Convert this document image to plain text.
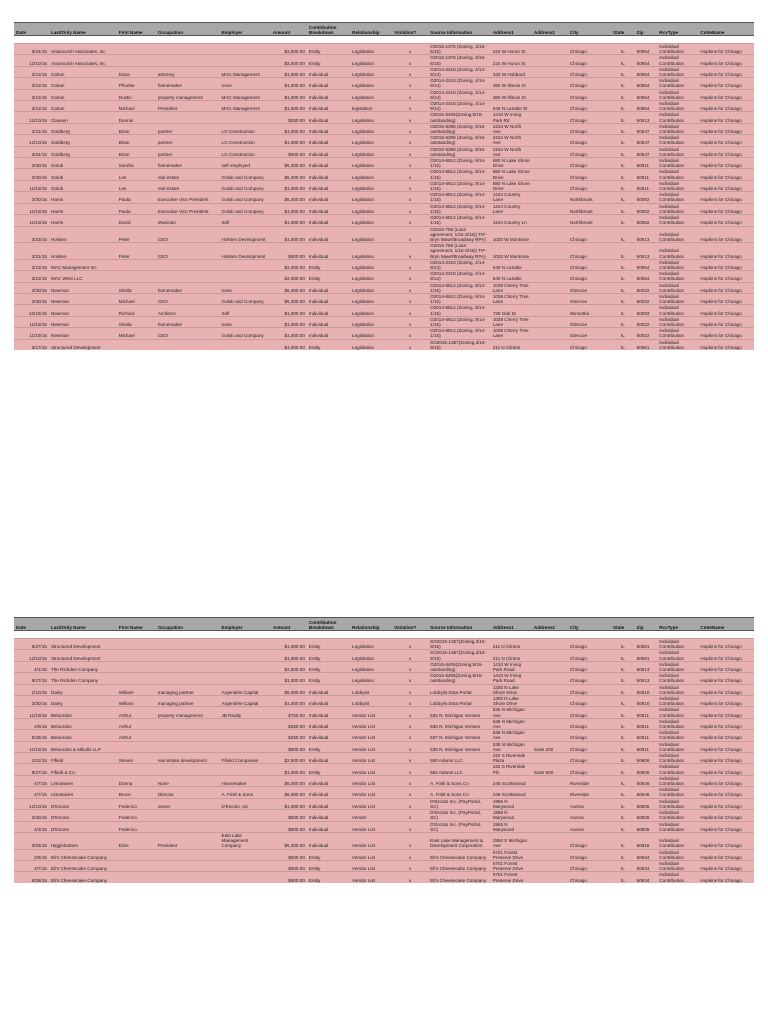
Date	Last/Only Name	First Name	Occupation	Employer	Amount	Contribution Breakdown	Relationship	Violation?	Source Information	Address1	Address2	City	State	Zip	RcvType	CmteName

8/24/15	Antunovich Associates, Inc				$2,500.00	Entity	Legislation	x	O2015-1376 (Zoning, 3/15-5/15)	224 W Huron St		Chicago	IL	60654	Individual Contribution	Hopkins for Chicago
12/10/15	Antunovich Associates, Inc				$2,500.00	Entity	Legislation	x	O2015-1376 (Zoning, 3/15-5/15)	224 W Huron St		Chicago	IL	60654	Individual Contribution	Hopkins for Chicago
3/12/15	Cahan	Dana	attorney	MAC Management	$1,500.00	Individual	Legislation	x	O2014-2318 (Zoning, 4/14-9/14)	333 W Hubbard		Chicago	IL	60654	Individual Contribution	Hopkins for Chicago
3/12/15	Cahan	Phoebe	homemaker	none	$1,500.00	Individual	Legislation	x	O2014-2318 (Zoning, 4/14-9/14)	360 W Illinois St		Chicago	IL	60654	Individual Contribution	Hopkins for Chicago
3/12/15	Cahan	Dustin	property management	MAC Management	$1,500.00	Individual	Legislation	x	O2014-2318 (Zoning, 4/14-9/14)	360 W Illinois St		Chicago	IL	60654	Individual Contribution	Hopkins for Chicago
3/12/15	Cahan	Michael	President	MAC Management	$1,500.00	Individual	legislation	x	O2014-2318 (Zoning, 4/14-9/14)	640 N LaSalle St		Chicago	IL	60654	Individual Contribution	Hopkins for Chicago
12/10/15	Clausen	Dennis			$250.00	Individual	Legislation	x	O2015-6405(Zoning,9/15-outstanding)	1410 W Irving Park Rd		Chicago	IL	60613	Individual Contribution	Hopkins for Chicago
2/21/15	Goldberg	Brian	partner	LG Construction	$1,000.00	Individual	Legislation	x	O2015-6398 (Zoning, 9/15-outstanding)	2234 W North Ave		Chicago	IL	60647	Individual Contribution	Hopkins for Chicago
12/10/15	Goldberg	Brian	partner	LG Construction	$1,000.00	Individual	Legislation	x	O2015-6398 (Zoning, 9/15-outstanding)	2234 W North Ave		Chicago	IL	60647	Individual Contribution	Hopkins for Chicago
3/24/15	Goldberg	Brian	partner	LG Construction	$500.00	Individual	Legislation	x	O2015-6398 (Zoning, 9/15-outstanding)	2234 W North Ave		Chicago	IL	60647	Individual Contribution	Hopkins for Chicago
3/30/15	Golub	Sandra	homemaker	self employed	$5,400.00	Individual	Legislation	x	O2014-6812 (Zoning, 9/14-1/15)	680 N Lake Shore Drive		Chicago	IL	60611	Individual Contribution	Hopkins for Chicago
3/30/15	Golub	Lee	real estate	Golub and Company	$5,400.00	Individual	Legislation	x	O2014-6812 (Zoning, 9/14-1/15)	680 N Lake Shore Drive		Chicago	IL	60611	Individual Contribution	Hopkins for Chicago
11/19/15	Golub	Lee	real estate	Golub and Company	$1,000.00	Individual	Legislation	x	O2014-6812 (Zoning, 9/14-1/15)	680 N Lake Shore Drive		Chicago	IL	60611	Individual Contribution	Hopkins for Chicago
3/30/15	Harris	Paula	Executive Vice President	Golub and Company	$5,400.00	Individual	Legislation	x	O2014-6812 (Zoning, 9/14-1/15)	1244 Country Lane		Northbrook	IL	60062	Individual Contribution	Hopkins for Chicago
11/18/15	Harris	Paula	Executive Vice President	Golub and Company	$1,000.00	Individual	Legislation	x	O2014-6812 (Zoning, 9/14-1/15)	1244 Country Lane		Northbrook	IL	60062	Individual Contribution	Hopkins for Chicago
11/19/15	Harris	David	Musician	Self	$1,000.00	Individual	Legislation	x	O2014-6812 (Zoning, 9/14-1/15)	1244 Country Ln		Northbrook	IL	60062	Individual Contribution	Hopkins for Chicago
3/23/15	Holsten	Peter	CEO	Holsten Development	$1,500.00	Individual	Legislation	x	O2015-758 (Loan agreement, 1/15-3/15)( TIF- Bryn Mawr/Broadway RPA)	1020 W Montrose		Chicago	IL	60613	Individual Contribution	Hopkins for Chicago
3/31/15	Holsten	Peter	CEO	Holsten Development	$500.00	Individual	Legislation	x	O2015-758 (Loan agreement, 1/15-3/15)( TIF- Bryn Mawr/Broadway RPA)	1020 W Montrose		Chicago	IL	60613	Individual Contribution	Hopkins for Chicago
3/12/15	MAC Management Inc				$2,000.00	Entity	Legislation	x	O2014-2318 (Zoning, 4/14-9/14)	640 N LaSalle		Chicago	IL	60654	Individual Contribution	Hopkins for Chicago
3/12/15	MAC West LLC				$2,000.00	Entity	Legislation	x	O2014-2318 (Zoning, 4/14-9/14)	640 N LaSalle		Chicago	IL	60654	Individual Contribution	Hopkins for Chicago
3/30/15	Newman	Sheila	homemaker	none	$5,400.00	Individual	Legislation	x	O2014-6812 (Zoning, 9/14-1/15)	1038 Cherry Tree Lane		Glencoe	IL	60022	Individual Contribution	Hopkins for Chicago
3/30/15	Newman	Michael	CEO	Golub and Company	$5,400.00	Individual	Legislation	x	O2014-6812 (Zoning, 9/14-1/15)	1038 Cherry Tree Lane		Glencoe	IL	60022	Individual Contribution	Hopkins for Chicago
10/15/15	Newman	Richard	Architect	Self	$1,000.00	Individual	Legislation	x	O2014-6812 (Zoning, 9/14-1/15)	726 Oak St		Winnetka	IL	60093	Individual Contribution	Hopkins for Chicago
11/19/15	Newman	Sheila	homemaker	none	$1,000.00	Individual	Legislation	x	O2014-6812 (Zoning, 9/14-1/15)	1038 Cherry Tree Lane		Glencoe	IL	60022	Individual Contribution	Hopkins for Chicago
11/19/15	Newman	Michael	CEO	Golub and Company	$1,000.00	Individual	Legislation	x	O2014-6812 (Zoning, 9/14-1/15)	1038 Cherry Tree Lane		Glencoe	IL	60022	Individual Contribution	Hopkins for Chicago
3/17/15	Structured Development				$1,000.00	Entity	Legislation	x	SO2015-1357(Zoning,3/15-9/15)	211 N Clinton		Chicago	IL	60661	Individual Contribution	Hopkins for Chicago
Date	Last/Only Name	First Name	Occupation	Employer	Amount	Contribution Breakdown	Relationship	Violation?	Source Information	Address1	Address2	City	State	Zip	RcvType	CmteName

8/27/15	Structured Development				$1,000.00	Entity	Legislation	x	SO2015-1357(Zoning,3/15-9/15)	211 N Clinton		Chicago	IL	60661	Individual Contribution	Hopkins for Chicago
12/10/15	Structured Development				$1,000.00	Entity	Legislation	x	SO2015-1357(Zoning,3/15-9/15)	211 N Clinton		Chicago	IL	60661	Individual Contribution	Hopkins for Chicago
4/1/15	The Richden Company				$2,500.00	Entity	Legislation	x	O2015-6405(Zoning,9/15-outstanding)	1410 W Irving Park Road		Chicago	IL	60613	Individual Contribution	Hopkins for Chicago
8/27/15	The Richden Company				$1,000.00	Entity	Legislation	x	O2015-6405(Zoning,9/15-outstanding)	1410 W Irving Park Road		Chicago	IL	60613	Individual Contribution	Hopkins for Chicago
2/10/15	Daley	William	managing partner	Argentière Capital	$5,000.00	Individual	Lobbyist	x	Lobbyist Data Portal	1300 N Lake Shore Drive		Chicago	IL	60610	Individual Contribution	Hopkins for Chicago
3/30/15	Daley	William	managing partner	Argentière Capital	$1,000.00	Individual	Lobbyist	x	Lobbyist Data Portal	1300 N Lake Shore Drive		Chicago	IL	60610	Individual Contribution	Hopkins for Chicago
11/19/15	Belourdos	Arthur	property management	JB Realty	$750.00	Individual	Vendor List	x	535 N. Michigan Venture	535 N Michigan Ave		Chicago	IL	60611	Individual Contribution	Hopkins for Chicago
4/6/15	Belourdos	Arthur			$250.00	Individual	Vendor List	x	536 N. Michigan Venture	535 N Michigan Ave		Chicago	IL	60611	Individual Contribution	Hopkins for Chicago
8/25/15	Belourdos	Arthur			$250.00	Individual	Vendor List	x	537 N. Michigan Venture	535 N Michigan Ave		Chicago	IL	60611	Individual Contribution	Hopkins for Chicago
11/19/15	Belourdos & Mikulis LLP				$500.00	Entity	Vendor List	x	538 N. Michigan Venture	535 N Michigan Ave	Suite 200	Chicago	IL	60611	Individual Contribution	Hopkins for Chicago
12/2/15	Fifield	Steven	real estate development	Fifield Companies	$2,500.00	Individual	Vendor List	x	550 Adams LLC	222 S Riverside Plaza		Chicago	IL	60606	Individual Contribution	Hopkins for Chicago
8/27/15	Fifield & Co.				$1,000.00	Entity	Vendor List	x	550 Adams LLC	222 S Riverside Plz	Suite 600	Chicago	IL	60606	Individual Contribution	Hopkins for Chicago
4/7/15	Limotaiven	Donna	None	Homemaker	$5,000.00	Individual	Vendor List	x	A. Finkl & Sons Co	246 Scottswood		Riverside	IL	60546	Individual Contribution	Hopkins for Chicago
4/7/15	Limotaiven	Bruce	Director	A. Finkl & Sons	$5,000.00	Individual	Vendor List	x	A. Finkl & Sons Co	246 Scottswood		Riverside	IL	60546	Individual Contribution	Hopkins for Chicago
12/10/15	D'Escoto	Federico	owner	D'Escoto, Inc	$1,000.00	Individual	Vendor List	x	D'Escoto Inc. (PayPortal, SC)	1965 N Marywood		Aurora	IL	60505	Individual Contribution	Hopkins for Chicago
3/30/15	D'Escoto	Federico			$500.00	Individual	Vendor	x	D'Escoto Inc. (PayPortal, SC)	1965 N Marywood		Aurora	IL	60505	Individual Contribution	Hopkins for Chicago
4/3/15	D'Escoto	Federico			$500.00	Individual	Vendor List	x	D'Escoto Inc. (PayPortal, SC)	1965 N Marywood		Aurora	IL	60505	Individual Contribution	Hopkins for Chicago
3/25/15	Higginbottom	Elzie	President	East Lake Management Company	$5,400.00	Individual	Vendor List	x	East Lake Management & Development Corporation	2850 S Michigan Ave		Chicago	IL	60616	Individual Contribution	Hopkins for Chicago
2/6/15	Eli's Cheesecake Company				$500.00	Entity	Vendor List	x	Eli's Cheesecake Company	6701 Forest Preserve Drive		Chicago	IL	60634	Individual Contribution	Hopkins for Chicago
4/7/15	Eli's Cheesecake Company				$500.00	Entity	Vendor List	x	Eli's Cheesecake Company	6701 Forest Preserve Drive		Chicago	IL	60634	Individual Contribution	Hopkins for Chicago
8/28/15	Eli's Cheesecake Company				$500.00	Entity	Vendor List	x	Eli's Cheesecake Company	6701 Forest Preserve Drive		Chicago	IL	60634	Individual Contribution	Hopkins for Chicago
